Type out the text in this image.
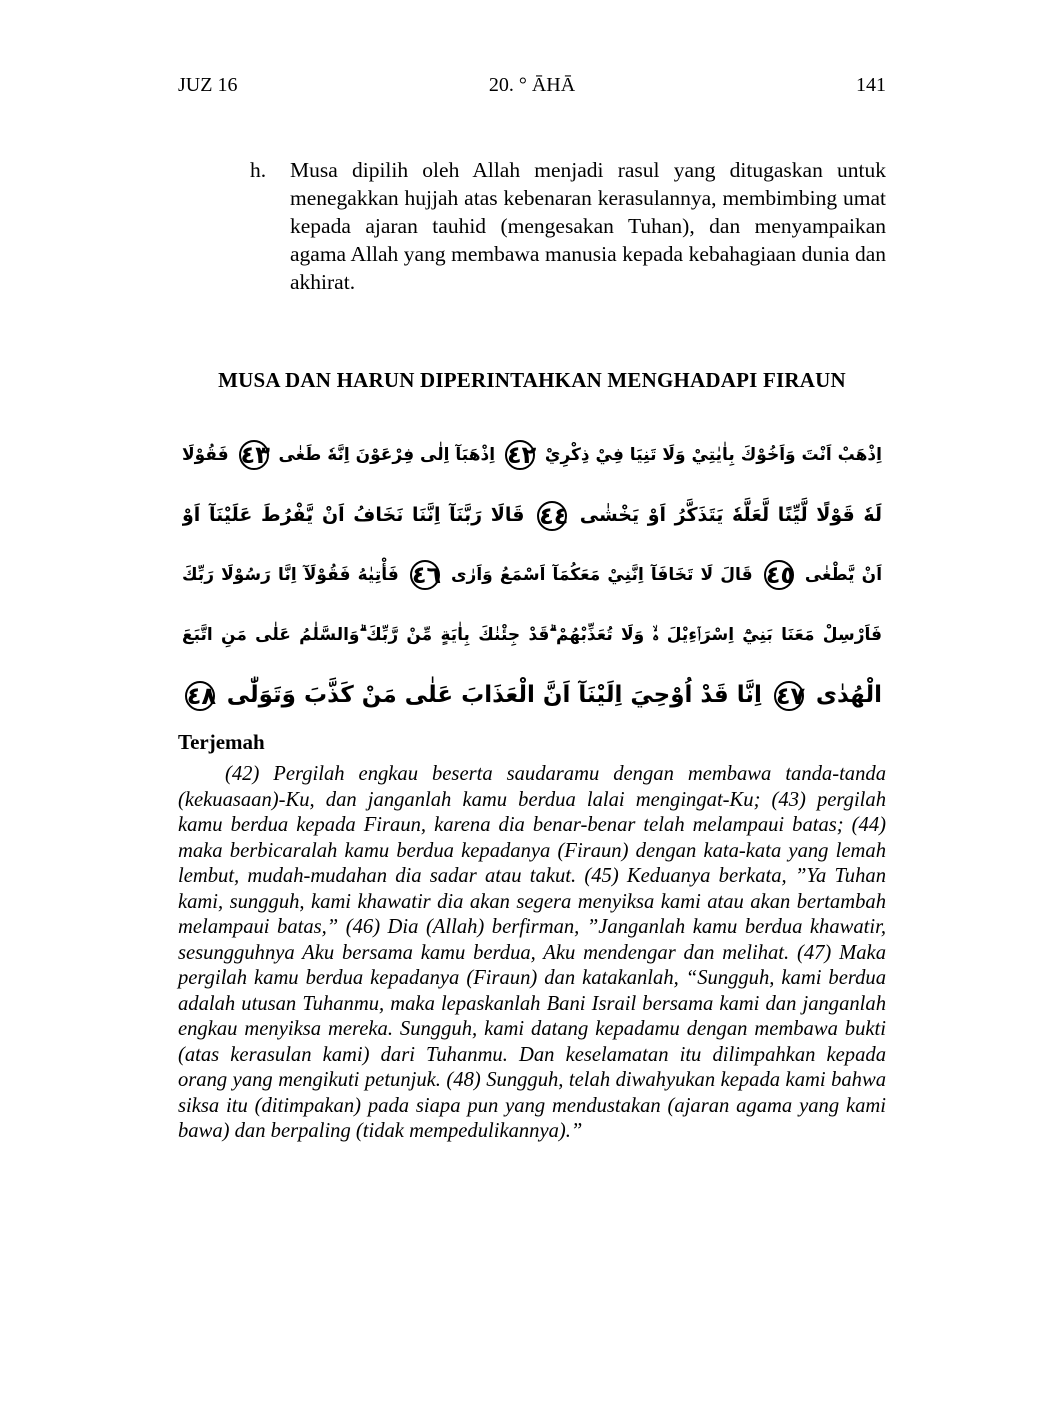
JUZ 16	20. ° ĀHĀ	141
h. Musa dipilih oleh Allah menjadi rasul yang ditugaskan untuk menegakkan hujjah atas kebenaran kerasulannya, membimbing umat kepada ajaran tauhid (mengesakan Tuhan), dan menyampaikan agama Allah yang membawa manusia kepada kebahagiaan dunia dan akhirat.
MUSA DAN HARUN DIPERINTAHKAN MENGHADAPI FIRAUN
اِذْهَبْ اَنْتَ وَاَخُوْكَ بِاٰيٰتِيْ وَلَا تَنِيَا فِيْ ذِكْرِيْ ٤٢ اِذْهَبَآ اِلٰى فِرْعَوْنَ اِنَّهٗ طَغٰى ٤٣ فَقُوْلَا
لَهٗ قَوْلًا لَّيِّنًا لَّعَلَّهٗ يَتَذَكَّرُ اَوْ يَخْشٰى ٤٤ قَالَا رَبَّنَآ اِنَّنَا نَخَافُ اَنْ يَّفْرُطَ عَلَيْنَآ اَوْ
اَنْ يَّطْغٰى ٤٥ قَالَ لَا تَخَافَآ اِنَّنِيْ مَعَكُمَآ اَسْمَعُ وَاَرٰى ٤٦ فَأْتِيٰهُ فَقُوْلَآ اِنَّا رَسُوْلَا رَبِّكَ
فَاَرْسِلْ مَعَنَا بَنِيْٓ اِسْرَاۤءِيْلَ ەۙ وَلَا تُعَذِّبْهُمْ ۗقَدْ جِئْنٰكَ بِاٰيَةٍ مِّنْ رَّبِّكَ ۗوَالسَّلٰمُ عَلٰى مَنِ اتَّبَعَ
الْهُدٰى ٤٧ اِنَّا قَدْ اُوْحِيَ اِلَيْنَآ اَنَّ الْعَذَابَ عَلٰى مَنْ كَذَّبَ وَتَوَلّٰى ٤٨
Terjemah

(42) Pergilah engkau beserta saudaramu dengan membawa tanda-tanda (kekuasaan)-Ku, dan janganlah kamu berdua lalai mengingat-Ku; (43) pergilah kamu berdua kepada Firaun, karena dia benar-benar telah melampaui batas; (44) maka berbicaralah kamu berdua kepadanya (Firaun) dengan kata-kata yang lemah lembut, mudah-mudahan dia sadar atau takut. (45) Keduanya berkata, ”Ya Tuhan kami, sungguh, kami khawatir dia akan segera menyiksa kami atau akan bertambah melampaui batas,” (46) Dia (Allah) berfirman, ”Janganlah kamu berdua khawatir, sesungguhnya Aku bersama kamu berdua, Aku mendengar dan melihat. (47) Maka pergilah kamu berdua kepadanya (Firaun) dan katakanlah, “Sungguh, kami berdua adalah utusan Tuhanmu, maka lepaskanlah Bani Israil bersama kami dan janganlah engkau menyiksa mereka. Sungguh, kami datang kepadamu dengan membawa bukti (atas kerasulan kami) dari Tuhanmu. Dan keselamatan itu dilimpahkan kepada orang yang mengikuti petunjuk. (48) Sungguh, telah diwahyukan kepada kami bahwa siksa itu (ditimpakan) pada siapa pun yang mendustakan (ajaran agama yang kami bawa) dan berpaling (tidak mempedulikannya).”
